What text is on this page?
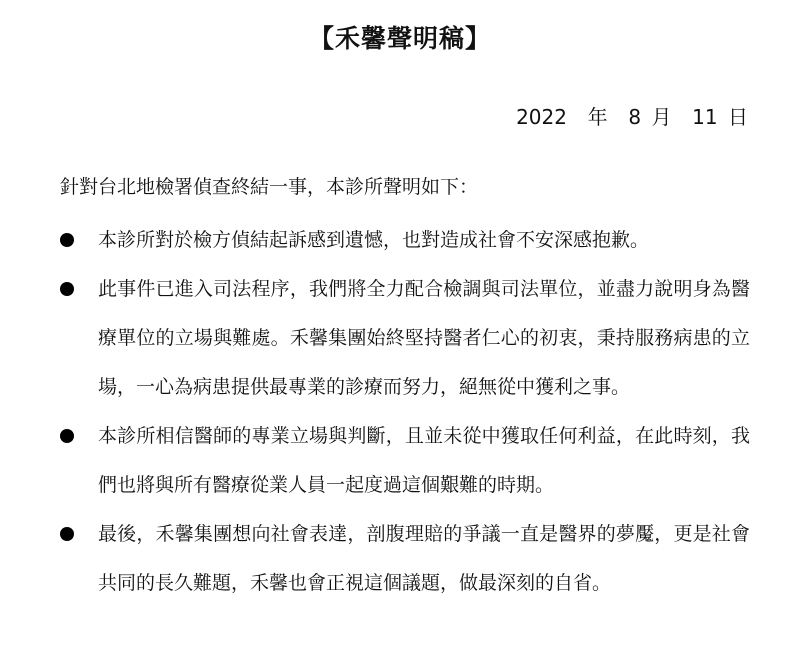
【禾馨聲明稿】
2022  年  8 月  11 日

針對台北地檢署偵查終結一事，本診所聲明如下：

本診所對於檢方偵結起訴感到遺憾，也對造成社會不安深感抱歉。
此事件已進入司法程序，我們將全力配合檢調與司法單位，並盡力說明身為醫療單位的立場與難處。禾馨集團始終堅持醫者仁心的初衷，秉持服務病患的立場，一心為病患提供最專業的診療而努力，絕無從中獲利之事。
本診所相信醫師的專業立場與判斷，且並未從中獲取任何利益，在此時刻，我們也將與所有醫療從業人員一起度過這個艱難的時期。
最後，禾馨集團想向社會表達，剖腹理賠的爭議一直是醫界的夢魘，更是社會共同的長久難題，禾馨也會正視這個議題，做最深刻的自省。
